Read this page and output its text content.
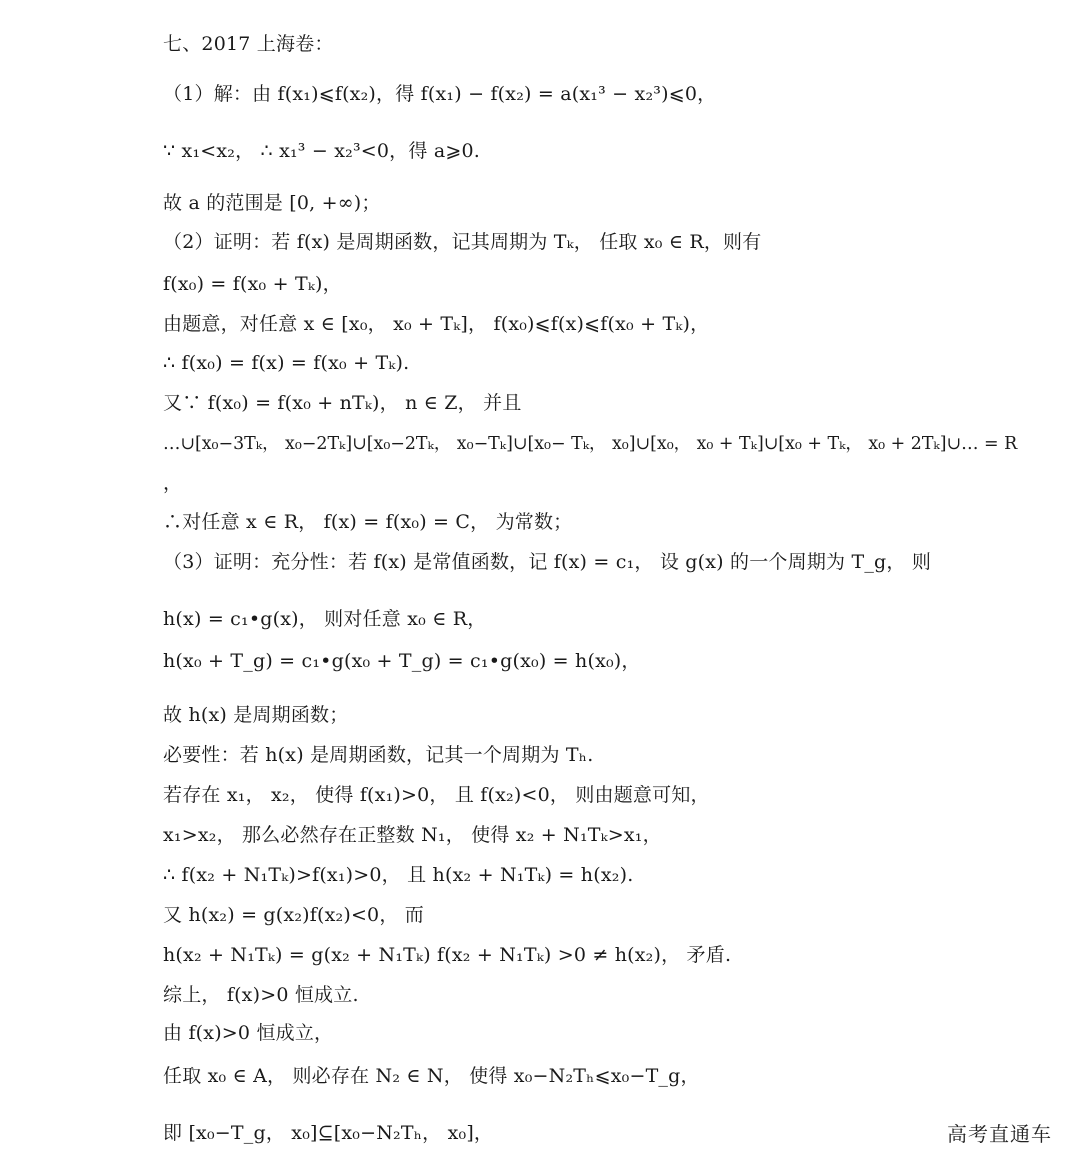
七、2017 上海卷：
（1）解：由 f(x₁)⩽f(x₂)，得 f(x₁) − f(x₂) = a(x₁³ − x₂³)⩽0，
∵ x₁<x₂， ∴ x₁³ − x₂³<0，得 a⩾0.
故 a 的范围是 [0, +∞)；
（2）证明：若 f(x) 是周期函数，记其周期为 Tₖ， 任取 x₀ ∈ R，则有
f(x₀) = f(x₀ + Tₖ)，
由题意，对任意 x ∈ [x₀， x₀ + Tₖ]， f(x₀)⩽f(x)⩽f(x₀ + Tₖ)，
∴ f(x₀) = f(x) = f(x₀ + Tₖ).
又∵ f(x₀) = f(x₀ + nTₖ)， n ∈ Z， 并且
…∪[x₀−3Tₖ， x₀−2Tₖ]∪[x₀−2Tₖ， x₀−Tₖ]∪[x₀− Tₖ， x₀]∪[x₀， x₀ + Tₖ]∪[x₀ + Tₖ， x₀ + 2Tₖ]∪… = R
，
∴对任意 x ∈ R， f(x) = f(x₀) = C， 为常数；
（3）证明：充分性：若 f(x) 是常值函数，记 f(x) = c₁， 设 g(x) 的一个周期为 T_g， 则
h(x) = c₁•g(x)， 则对任意 x₀ ∈ R，
h(x₀ + T_g) = c₁•g(x₀ + T_g) = c₁•g(x₀) = h(x₀)，
故 h(x) 是周期函数；
必要性：若 h(x) 是周期函数，记其一个周期为 Tₕ.
若存在 x₁， x₂， 使得 f(x₁)>0， 且 f(x₂)<0， 则由题意可知，
x₁>x₂， 那么必然存在正整数 N₁， 使得 x₂ + N₁Tₖ>x₁，
∴ f(x₂ + N₁Tₖ)>f(x₁)>0， 且 h(x₂ + N₁Tₖ) = h(x₂).
又 h(x₂) = g(x₂)f(x₂)<0， 而
h(x₂ + N₁Tₖ) = g(x₂ + N₁Tₖ) f(x₂ + N₁Tₖ) >0 ≠ h(x₂)， 矛盾.
综上， f(x)>0 恒成立.
由 f(x)>0 恒成立，
任取 x₀ ∈ A， 则必存在 N₂ ∈ N， 使得 x₀−N₂Tₕ⩽x₀−T_g，
即 [x₀−T_g， x₀]⊆[x₀−N₂Tₕ， x₀]，	高考直通车
